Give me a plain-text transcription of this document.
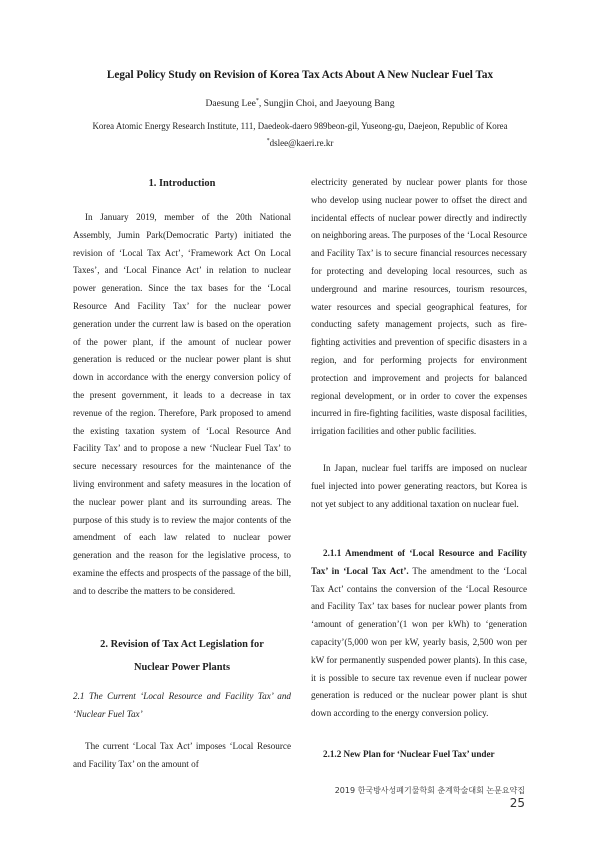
Legal Policy Study on Revision of Korea Tax Acts About A New Nuclear Fuel Tax
Daesung Lee*, Sungjin Choi, and Jaeyoung Bang
Korea Atomic Energy Research Institute, 111, Daedeok-daero 989beon-gil, Yuseong-gu, Daejeon, Republic of Korea
*dslee@kaeri.re.kr
1. Introduction
In January 2019, member of the 20th National Assembly, Jumin Park(Democratic Party) initiated the revision of ‘Local Tax Act’, ‘Framework Act On Local Taxes’, and ‘Local Finance Act’ in relation to nuclear power generation. Since the tax bases for the ‘Local Resource And Facility Tax’ for the nuclear power generation under the current law is based on the operation of the power plant, if the amount of nuclear power generation is reduced or the nuclear power plant is shut down in accordance with the energy conversion policy of the present government, it leads to a decrease in tax revenue of the region. Therefore, Park proposed to amend the existing taxation system of ‘Local Resource And Facility Tax’ and to propose a new ‘Nuclear Fuel Tax’ to secure necessary resources for the maintenance of the living environment and safety measures in the location of the nuclear power plant and its surrounding areas. The purpose of this study is to review the major contents of the amendment of each law related to nuclear power generation and the reason for the legislative process, to examine the effects and prospects of the passage of the bill, and to describe the matters to be considered.
2. Revision of Tax Act Legislation for
Nuclear Power Plants
2.1 The Current ‘Local Resource and Facility Tax’ and ‘Nuclear Fuel Tax’
The current ‘Local Tax Act’ imposes ‘Local Resource and Facility Tax’ on the amount of
electricity generated by nuclear power plants for those who develop using nuclear power to offset the direct and incidental effects of nuclear power directly and indirectly on neighboring areas. The purposes of the ‘Local Resource and Facility Tax’ is to secure financial resources necessary for protecting and developing local resources, such as underground and marine resources, tourism resources, water resources and special geographical features, for conducting safety management projects, such as fire-fighting activities and prevention of specific disasters in a region, and for performing projects for environment protection and improvement and projects for balanced regional development, or in order to cover the expenses incurred in fire-fighting facilities, waste disposal facilities, irrigation facilities and other public facilities.
In Japan, nuclear fuel tariffs are imposed on nuclear fuel injected into power generating reactors, but Korea is not yet subject to any additional taxation on nuclear fuel.
2.1.1 Amendment of ‘Local Resource and Facility Tax’ in ‘Local Tax Act’. The amendment to the ‘Local Tax Act’ contains the conversion of the ‘Local Resource and Facility Tax’ tax bases for nuclear power plants from ‘amount of generation’(1 won per kWh) to ‘generation capacity’(5,000 won per kW, yearly basis, 2,500 won per kW for permanently suspended power plants). In this case, it is possible to secure tax revenue even if nuclear power generation is reduced or the nuclear power plant is shut down according to the energy conversion policy.
2.1.2 New Plan for ‘Nuclear Fuel Tax’ under
2019 한국방사성폐기물학회 춘계학술대회 논문요약집25
